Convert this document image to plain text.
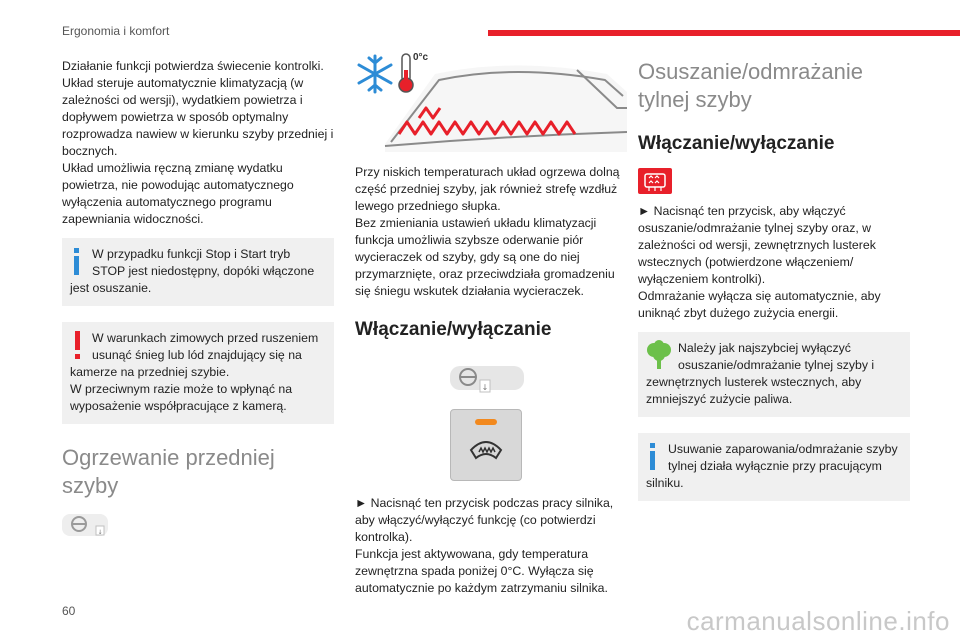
Ergonomia i komfort

Działanie funkcji potwierdza świecenie kontrolki.

Układ steruje automatycznie klimatyzacją (w zależności od wersji), wydatkiem powietrza i dopływem powietrza w sposób optymalny rozprowadza nawiew w kierunku szyby przedniej i bocznych.

Układ umożliwia ręczną zmianę wydatku powietrza, nie powodując automatycznego wyłączenia automatycznego programu zapewniania widoczności.

W przypadku funkcji Stop i Start tryb STOP jest niedostępny, dopóki włączone jest osuszanie.
W warunkach zimowych przed ruszeniem usunąć śnieg lub lód znajdujący się na kamerze na przedniej szybie.
W przeciwnym razie może to wpłynąć na wyposażenie współpracujące z kamerą.
Ogrzewanie przedniej szyby
↓
0°c

Przy niskich temperaturach układ ogrzewa dolną część przedniej szyby, jak również strefę wzdłuż lewego przedniego słupka.

Bez zmieniania ustawień układu klimatyzacji funkcja umożliwia szybsze oderwanie piór wycieraczek od szyby, gdy są one do niej przymarznięte, oraz przeciwdziała gromadzeniu się śniegu wskutek działania wycieraczek.

Włączanie/wyłączanie
↓

► Nacisnąć ten przycisk podczas pracy silnika, aby włączyć/wyłączyć funkcję (co potwierdzi kontrolka).

Funkcja jest aktywowana, gdy temperatura zewnętrzna spada poniżej 0°C. Wyłącza się automatycznie po każdym zatrzymaniu silnika.

Osuszanie/odmrażanie tylnej szyby
Włączanie/wyłączanie

► Nacisnąć ten przycisk, aby włączyć osuszanie/odmrażanie tylnej szyby oraz, w zależności od wersji, zewnętrznych lusterek wstecznych (potwierdzone włączeniem/ wyłączeniem kontrolki).

Odmrażanie wyłącza się automatycznie, aby uniknąć zbyt dużego zużycia energii.

Należy jak najszybciej wyłączyć osuszanie/odmrażanie tylnej szyby i zewnętrznych lusterek wstecznych, aby zmniejszyć zużycie paliwa.
Usuwanie zaparowania/odmrażanie szyby tylnej działa wyłącznie przy pracującym silniku.
60	carmanualsonline.info
